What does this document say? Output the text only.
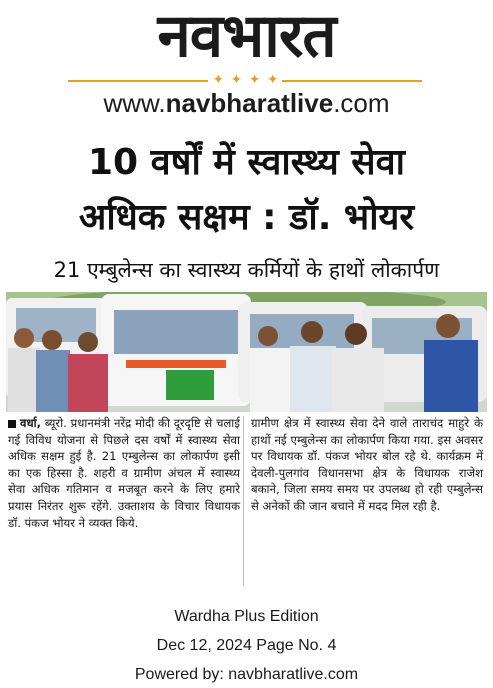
नवभारत
✦ ✦ ✦ ✦
www.navbharatlive.com
10 वर्षों में स्वास्थ्य सेवा
अधिक सक्षम : डॉ. भोयर
21 एम्बुलेन्स का स्वास्थ्य कर्मियों के हाथों लोकार्पण
वर्धा, ब्यूरो. प्रधानमंत्री नरेंद्र मोदी की दूरदृष्टि से चलाई गई विविध योजना से पिछले दस वर्षों में स्वास्थ्य सेवा अधिक सक्षम हुई है. 21 एम्बुलेन्स का लोकार्पण इसी का एक हिस्सा है. शहरी व ग्रामीण अंचल में स्वास्थ्य सेवा अधिक गतिमान व मजबूत करने के लिए हमारे प्रयास निरंतर शुरू रहेंगे. उक्ताशय के विचार विधायक डॉ. पंकज भोयर ने व्यक्त किये.
ग्रामीण क्षेत्र में स्वास्थ्य सेवा देने वाले ताराचंद माहुरे के हाथों नई एम्बुलेन्स का लोकार्पण किया गया. इस अवसर पर विधायक डॉ. पंकज भोयर बोल रहे थे. कार्यक्रम में देवली-पुलगांव विधानसभा क्षेत्र के विधायक राजेश बकाने, जिला समय समय पर उपलब्ध हो रही एम्बुलेन्स से अनेकों की जान बचाने में मदद मिल रही है.
Wardha Plus Edition
Dec 12, 2024 Page No. 4
Powered by: navbharatlive.com
